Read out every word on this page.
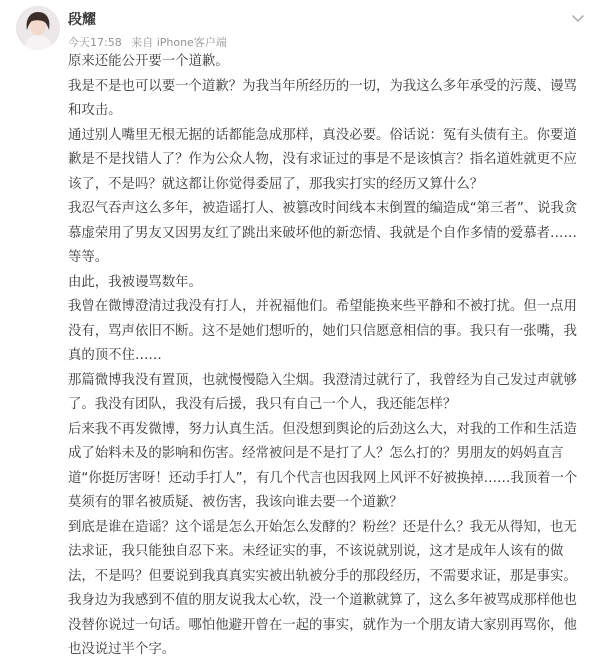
段耀
今天17:58 来自 iPhone客户端

原来还能公开要一个道歉。

我是不是也可以要一个道歉？为我当年所经历的一切，为我这么多年承受的污蔑、谩骂和攻击。

通过别人嘴里无根无据的话都能急成那样，真没必要。俗话说：冤有头债有主。你要道歉是不是找错人了？作为公众人物，没有求证过的事是不是该慎言？指名道姓就更不应该了，不是吗？就这都让你觉得委屈了，那我实打实的经历又算什么？

我忍气吞声这么多年，被造谣打人、被篡改时间线本末倒置的编造成“第三者”、说我贪慕虚荣用了男友又因男友红了跳出来破坏他的新恋情、我就是个自作多情的爱慕者……等等。

由此，我被谩骂数年。

我曾在微博澄清过我没有打人，并祝福他们。希望能换来些平静和不被打扰。但一点用没有，骂声依旧不断。这不是她们想听的，她们只信愿意相信的事。我只有一张嘴，我真的顶不住……

那篇微博我没有置顶，也就慢慢隐入尘烟。我澄清过就行了，我曾经为自己发过声就够了。我没有团队，我没有后援，我只有自己一个人，我还能怎样？

后来我不再发微博，努力认真生活。但没想到舆论的后劲这么大，对我的工作和生活造成了始料未及的影响和伤害。经常被问是不是打了人？怎么打的？男朋友的妈妈直言道“你挺厉害呀！还动手打人”，有几个代言也因我网上风评不好被换掉……我顶着一个莫须有的罪名被质疑、被伤害，我该向谁去要一个道歉？

到底是谁在造谣？这个谣是怎么开始怎么发酵的？粉丝？还是什么？我无从得知，也无法求证，我只能独自忍下来。未经证实的事，不该说就别说，这才是成年人该有的做法，不是吗？但要说到我真真实实被出轨被分手的那段经历，不需要求证，那是事实。

我身边为我感到不值的朋友说我太心软，没一个道歉就算了，这么多年被骂成那样他也没替你说过一句话。哪怕他避开曾在一起的事实，就作为一个朋友请大家别再骂你，他也没说过半个字。
